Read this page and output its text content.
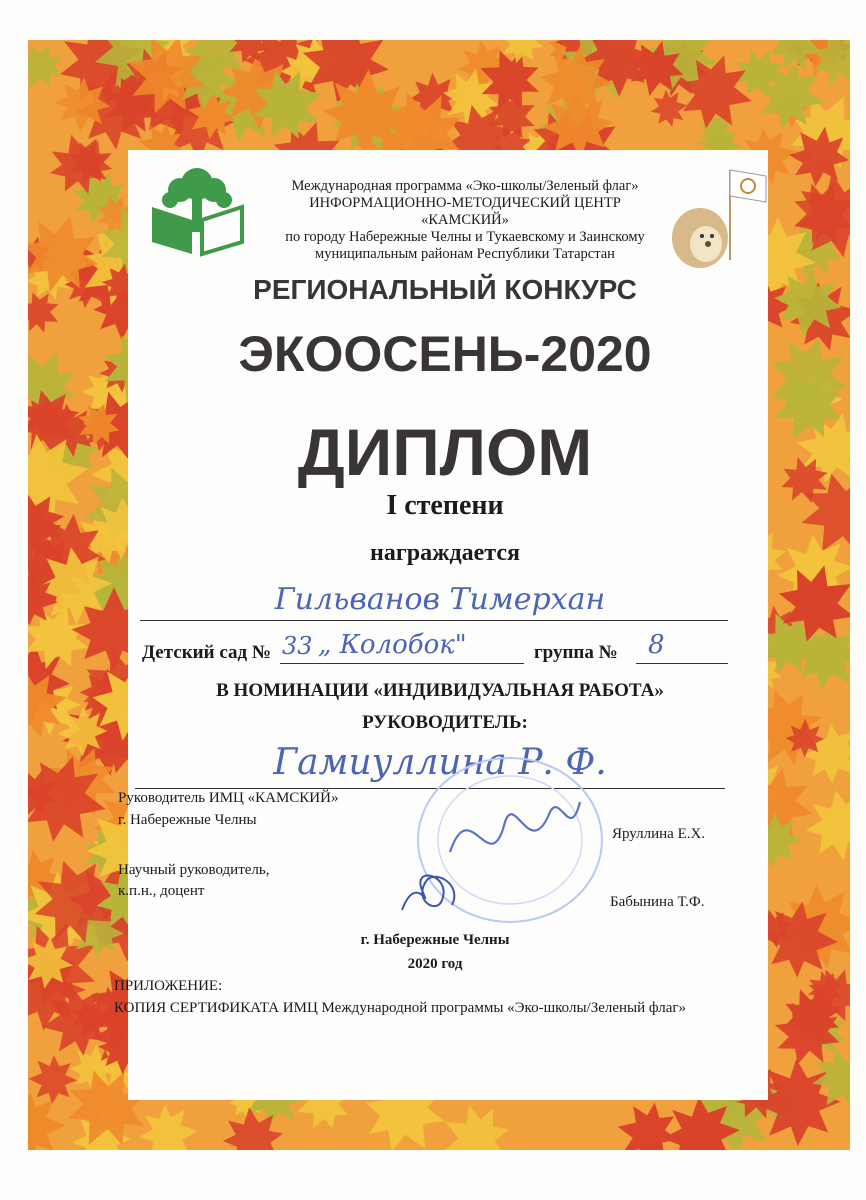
Международная программа «Эко-школы/Зеленый флаг»
ИНФОРМАЦИОННО-МЕТОДИЧЕСКИЙ ЦЕНТР
«КАМСКИЙ»
по городу Набережные Челны и Тукаевскому и Заинскому
муниципальным районам Республики Татарстан
РЕГИОНАЛЬНЫЙ КОНКУРС
ЭКООСЕНЬ-2020
ДИПЛОМ
I степени
награждается
Гильванов Тимерхан
Детский сад № 33 „ Колобок"	группа № 8
В НОМИНАЦИИ «ИНДИВИДУАЛЬНАЯ РАБОТА»
РУКОВОДИТЕЛЬ:
Гамиуллина Р. Ф.
Руководитель ИМЦ «КАМСКИЙ»
г. Набережные Челны
Яруллина Е.Х.
Научный руководитель,
к.п.н., доцент
Бабынина Т.Ф.
г. Набережные Челны
2020 год
ПРИЛОЖЕНИЕ:
КОПИЯ СЕРТИФИКАТА ИМЦ Международной программы «Эко-школы/Зеленый флаг»
